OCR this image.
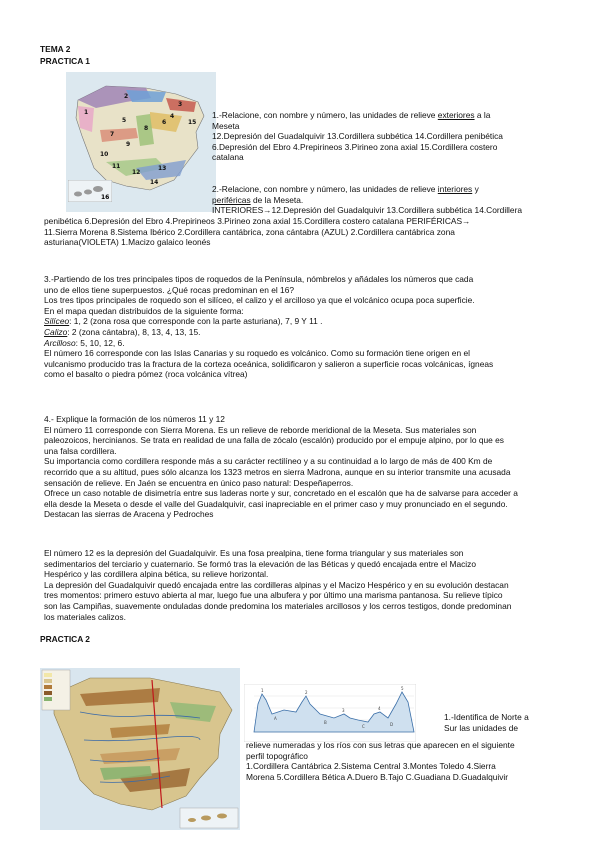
TEMA 2
PRACTICA 1
1
2
3
4
5	6
7
8
9
10
11
12
13
14
15
16

1.-Relacione, con nombre y número, las unidades de relieve exteriores a la

Meseta

12.Depresión del Guadalquivir 13.Cordillera subbética 14.Cordillera penibética

6.Depresión del Ebro 4.Prepirineos 3.Pirineo zona axial 15.Cordillera costero

catalana

2.-Relacione, con nombre y número, las unidades de relieve interiores y

periféricas de la Meseta.

INTERIORES→12.Depresión del Guadalquivir 13.Cordillera subbética 14.Cordillera

penibética 6.Depresión del Ebro 4.Prepirineos 3.Pirineo zona axial 15.Cordillera costero catalana PERIFÉRICAS→

11.Sierra Morena 8.Sistema Ibérico 2.Cordillera cantábrica, zona cántabra (AZUL) 2.Cordillera cantábrica zona

asturiana(VIOLETA) 1.Macizo galaico leonés

3.-Partiendo de los tres principales tipos de roquedos de la Península, nómbrelos y añádales los números que cada

uno de ellos tiene superpuestos. ¿Qué rocas predominan en el 16?

Los tres tipos principales de roquedo son el silíceo, el calizo y el arcilloso ya que el volcánico ocupa poca superficie.

En el mapa quedan distribuidos de la siguiente forma:

Silíceo: 1, 2 (zona rosa que corresponde con la parte asturiana), 7, 9 Y 11 .

Calizo: 2 (zona cántabra), 8, 13, 4, 13, 15.

Arcilloso: 5, 10, 12, 6.

El número 16 corresponde con las Islas Canarias y su roquedo es volcánico. Como su formación tiene origen en el

vulcanismo producido tras la fractura de la corteza oceánica, solidificaron y salieron a superficie rocas volcánicas, ígneas

como el basalto o piedra pómez (roca volcánica vítrea)

4.- Explique la formación de los números 11 y 12

El número 11 corresponde con Sierra Morena. Es un relieve de reborde meridional de la Meseta. Sus materiales son

paleozoicos, hercinianos. Se trata en realidad de una falla de zócalo (escalón) producido por el empuje alpino, por lo que es

una falsa cordillera.

Su importancia como cordillera responde más a su carácter rectilíneo y a su continuidad a lo largo de más de 400 Km de

recorrido que a su altitud, pues sólo alcanza los 1323 metros en sierra Madrona, aunque en su interior transmite una acusada

sensación de relieve. En Jaén se encuentra en único paso natural: Despeñaperros.

Ofrece un caso notable de disimetría entre sus laderas norte y sur, concretado en el escalón que ha de salvarse para acceder a

ella desde la Meseta o desde el valle del Guadalquivir, casi inapreciable en el primer caso y muy pronunciado en el segundo.

Destacan las sierras de Aracena y Pedroches

El número 12 es la depresión del Guadalquivir. Es una fosa prealpina, tiene forma triangular y sus materiales son

sedimentarios del terciario y cuaternario. Se formó tras la elevación de las Béticas y quedó encajada entre el Macizo

Hespérico y las cordillera alpina bética, su relieve horizontal.

La depresión del Guadalquivir quedó encajada entre las cordilleras alpinas y el Macizo Hespérico y en su evolución destacan

tres momentos: primero estuvo abierta al mar, luego fue una albufera y por último una marisma pantanosa. Su relieve típico

son las Campiñas, suavemente onduladas donde predomina los materiales arcillosos y los cerros testigos, donde predominan

los materiales calizos.

PRACTICA 2
1	2
3	4
5
A
B
C	D

1.-Identifica de Norte a

Sur las unidades de

relieve numeradas y los ríos con sus letras que aparecen en el siguiente

perfil topográfico

1.Cordillera Cantábrica 2.Sistema Central 3.Montes Toledo 4.Sierra

Morena 5.Cordillera Bética A.Duero B.Tajo C.Guadiana D.Guadalquivir
